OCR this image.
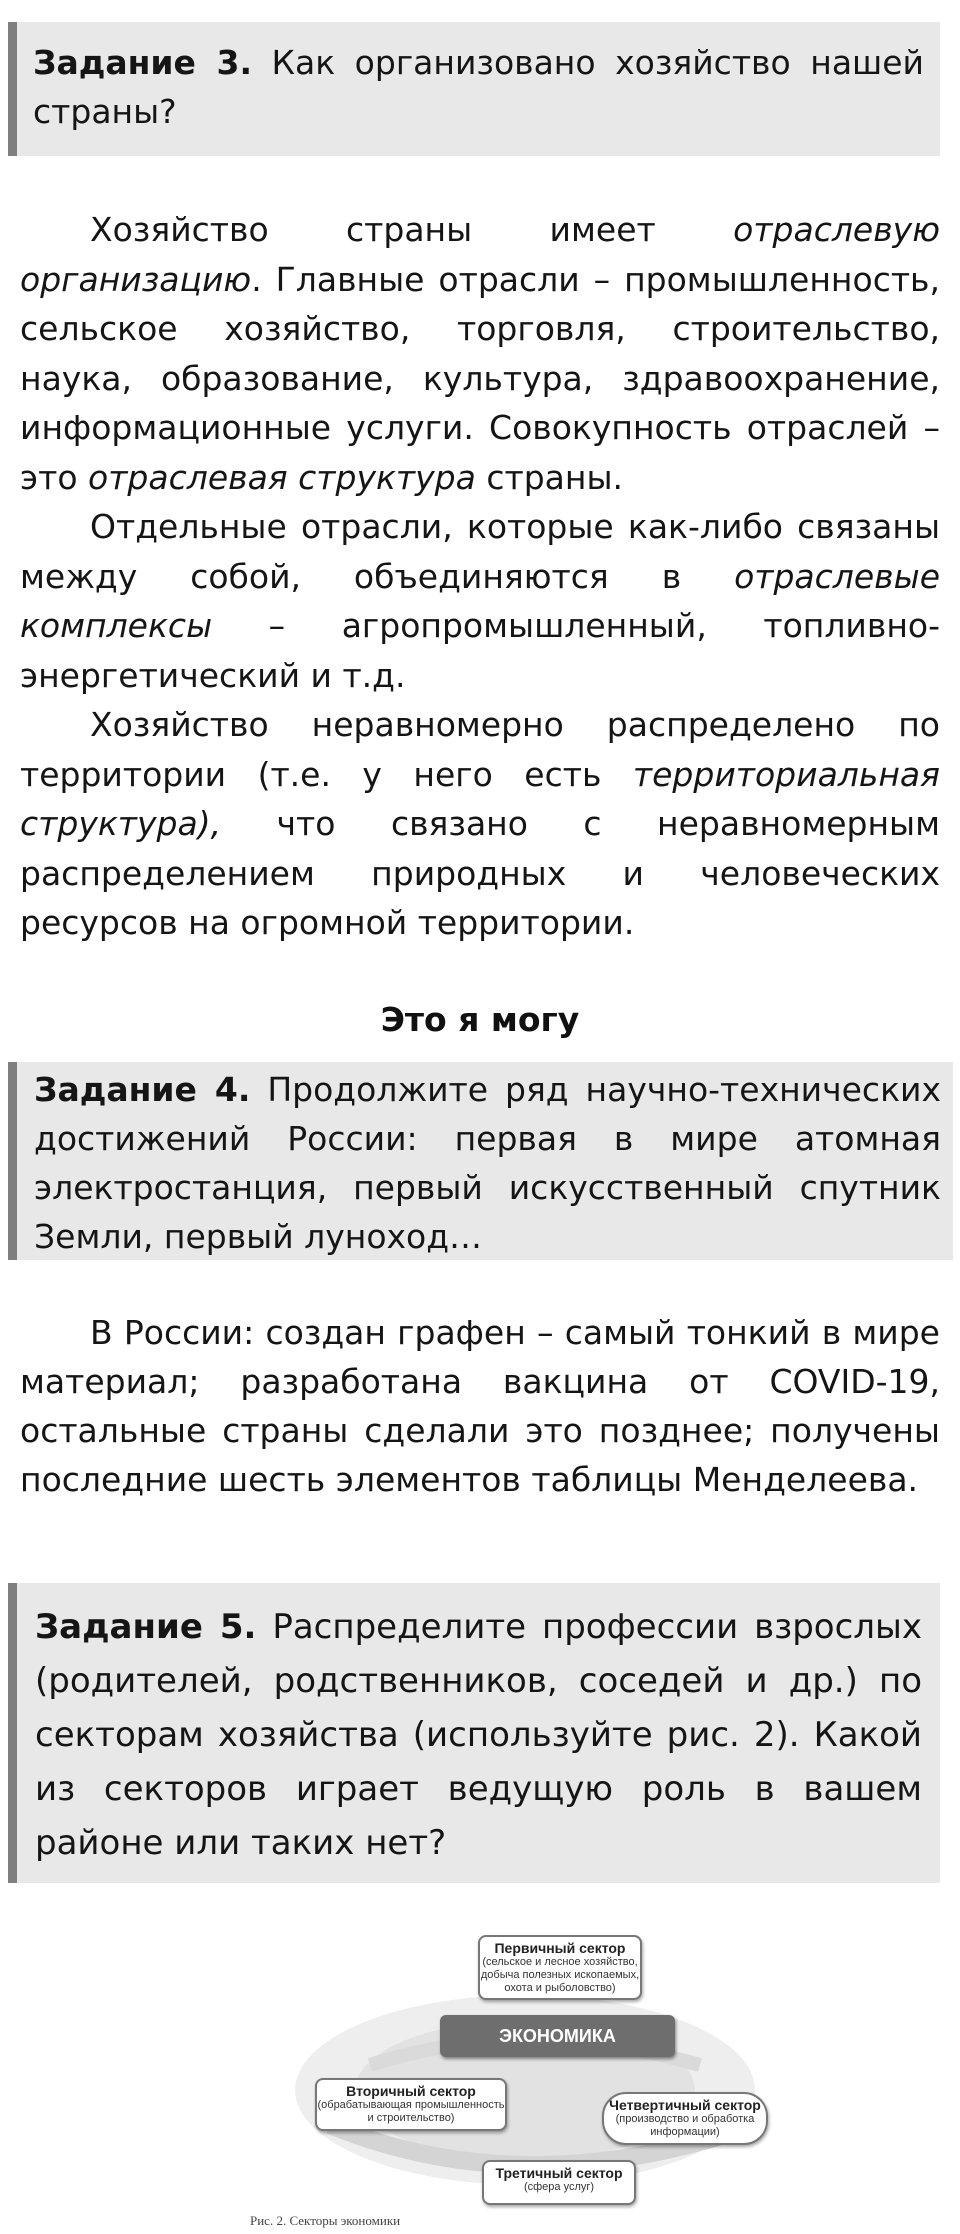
Задание 3. Как организовано хозяйство нашей страны?

Хозяйство страны имеет отраслевую организацию. Главные отрасли – промышленность, сельское хозяйство, торговля, строительство, наука, образование, культура, здравоохранение, информационные услуги. Совокупность отраслей – это отраслевая структура страны.

Отдельные отрасли, которые как-либо связаны между собой, объединяются в отраслевые комплексы – агропромышленный, топливно-энергетический и т.д.

Хозяйство неравномерно распределено по территории (т.е. у него есть территориальная структура), что связано с неравномерным распределением природных и человеческих ресурсов на огромной территории.

Это я могу
Задание 4. Продолжите ряд научно-технических достижений России: первая в мире атомная электростанция, первый искусственный спутник Земли, первый луноход…

В России: создан графен – самый тонкий в мире материал; разработана вакцина от COVID-19, остальные страны сделали это позднее; получены последние шесть элементов таблицы Менделеева.

Задание 5. Распределите профессии взрослых (родителей, родственников, соседей и др.) по секторам хозяйства (используйте рис. 2). Какой из секторов играет ведущую роль в вашем районе или таких нет?
Первичный сектор
(сельское и лесное хозяйство, добыча полезных ископаемых, охота и рыболовство)
ЭКОНОМИКА
Вторичный сектор
(обрабатывающая промышленность и строительство)
Четвертичный сектор
(производство и обработка информации)
Третичный сектор
(сфера услуг)
Рис. 2. Секторы экономики
